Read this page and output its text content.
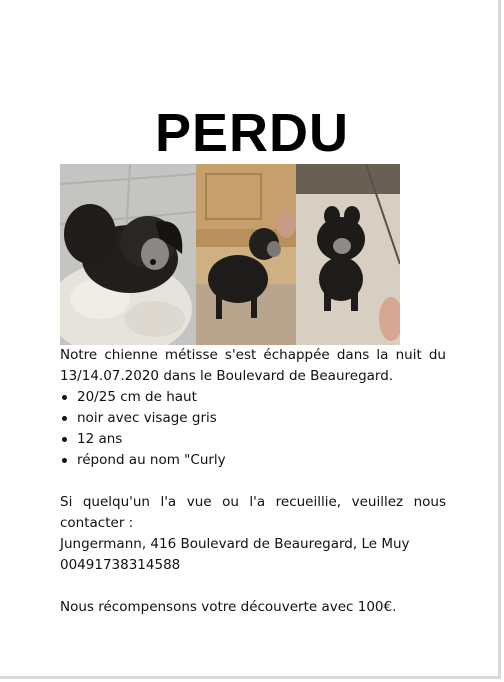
PERDU

Notre chienne métisse s'est échappée dans la nuit du 13/14.07.2020 dans le Boulevard de Beauregard.

20/25 cm de haut
noir avec visage gris
12 ans
répond au nom "Curly
Si quelqu'un l'a vue ou l'a recueillie, veuillez nous
contacter :
Jungermann, 416 Boulevard de Beauregard, Le Muy
00491738314588
Nous récompensons votre découverte avec 100€.
